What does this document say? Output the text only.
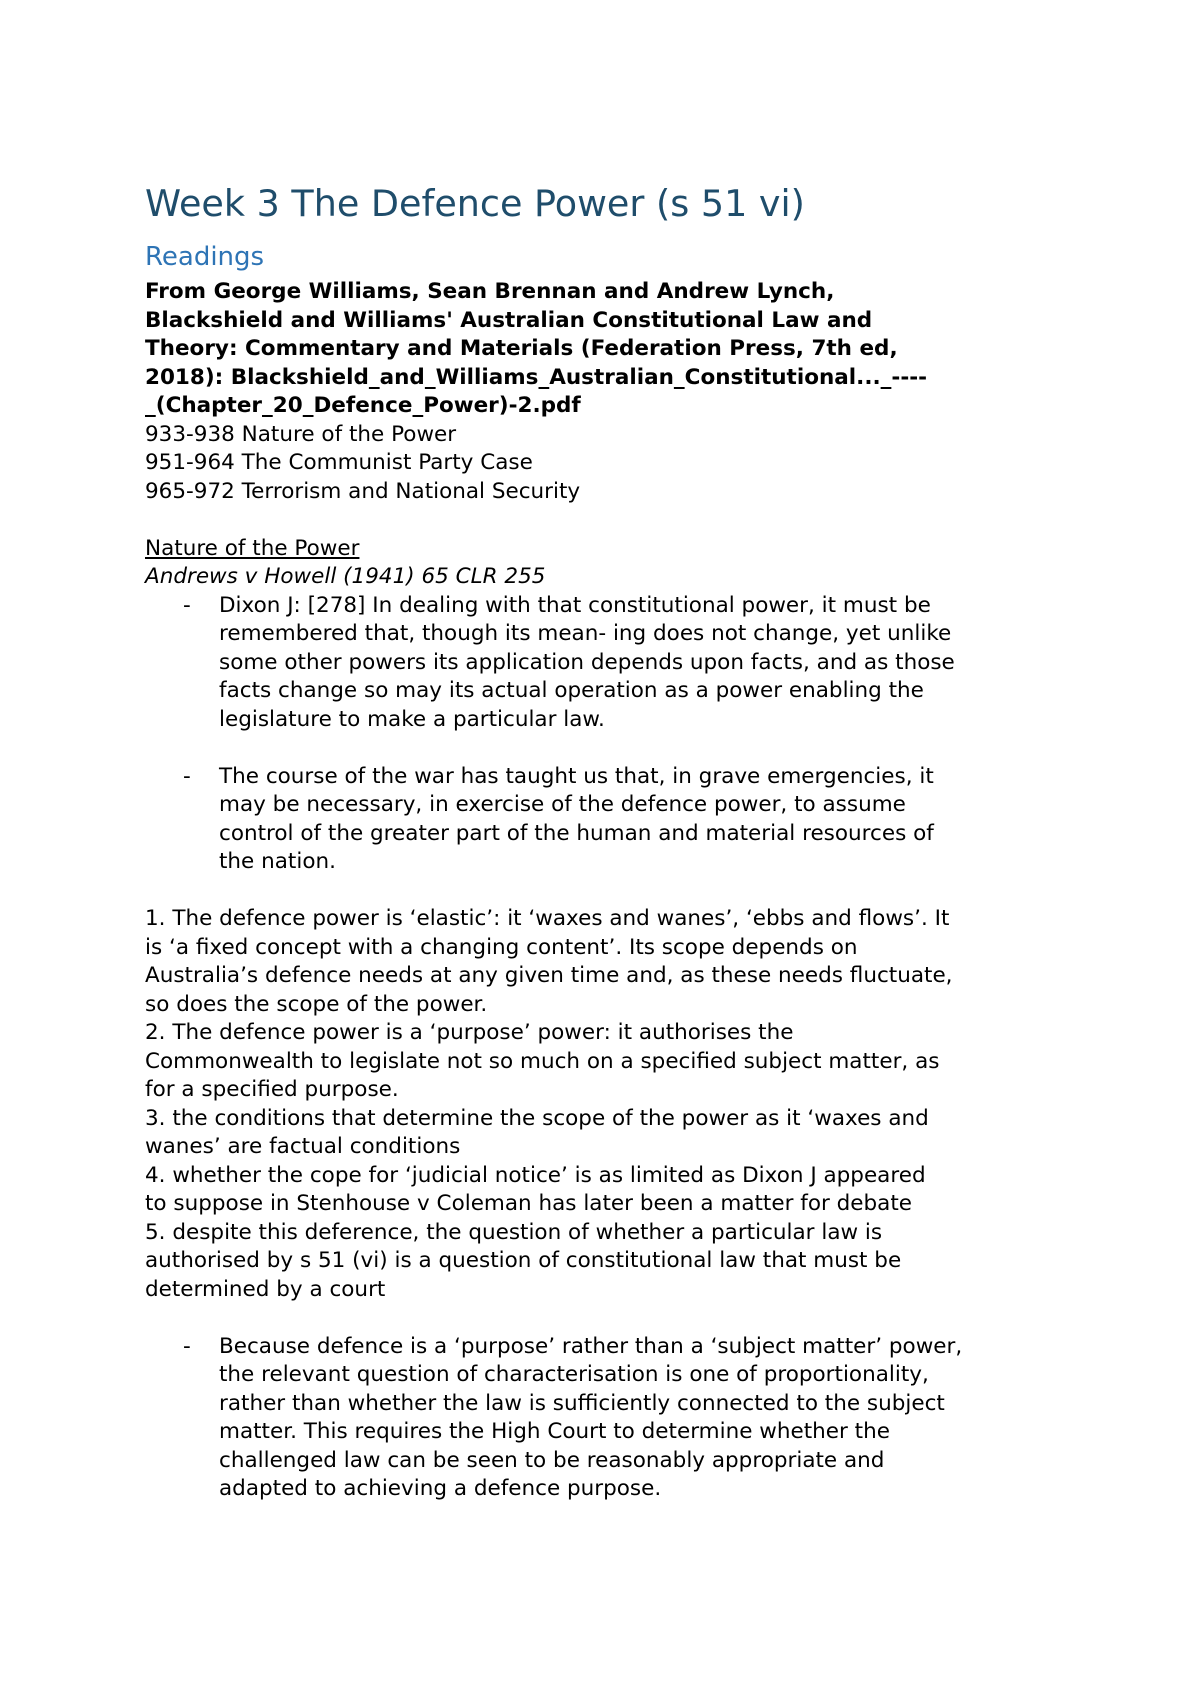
Week 3 The Defence Power (s 51 vi)
Readings
From George Williams, Sean Brennan and Andrew Lynch,
Blackshield and Williams' Australian Constitutional Law and
Theory: Commentary and Materials (Federation Press, 7th ed,
2018): Blackshield_and_Williams_Australian_Constitutional..._----
_(Chapter_20_Defence_Power)-2.pdf
933-938 Nature of the Power
951-964 The Communist Party Case
965-972 Terrorism and National Security
Nature of the Power
Andrews v Howell (1941) 65 CLR 255
- Dixon J: [278] In dealing with that constitutional power, it must be
remembered that, though its mean- ing does not change, yet unlike
some other powers its application depends upon facts, and as those
facts change so may its actual operation as a power enabling the
legislature to make a particular law.
- The course of the war has taught us that, in grave emergencies, it
may be necessary, in exercise of the defence power, to assume
control of the greater part of the human and material resources of
the nation.
1. The defence power is ‘elastic’: it ‘waxes and wanes’, ‘ebbs and flows’. It
is ‘a fixed concept with a changing content’. Its scope depends on
Australia’s defence needs at any given time and, as these needs fluctuate,
so does the scope of the power.
2. The defence power is a ‘purpose’ power: it authorises the
Commonwealth to legislate not so much on a specified subject matter, as
for a specified purpose.
3. the conditions that determine the scope of the power as it ‘waxes and
wanes’ are factual conditions
4. whether the cope for ‘judicial notice’ is as limited as Dixon J appeared
to suppose in Stenhouse v Coleman has later been a matter for debate
5. despite this deference, the question of whether a particular law is
authorised by s 51 (vi) is a question of constitutional law that must be
determined by a court
- Because defence is a ‘purpose’ rather than a ‘subject matter’ power,
the relevant question of characterisation is one of proportionality,
rather than whether the law is sufficiently connected to the subject
matter. This requires the High Court to determine whether the
challenged law can be seen to be reasonably appropriate and
adapted to achieving a defence purpose.
